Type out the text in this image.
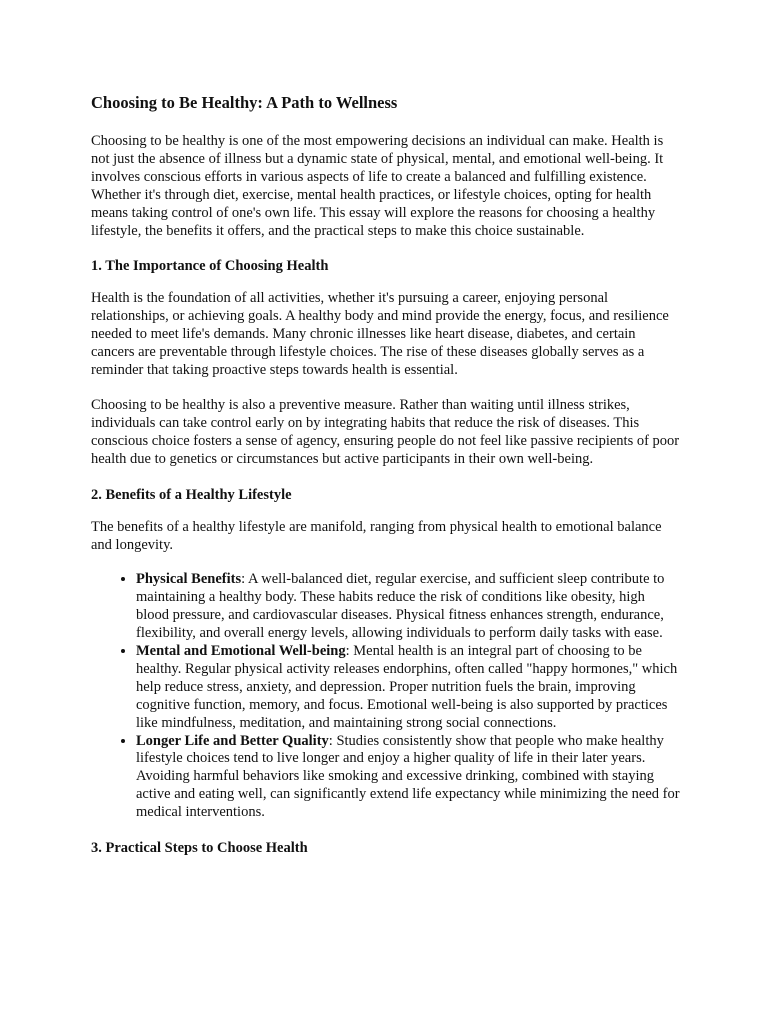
Choosing to Be Healthy: A Path to Wellness

Choosing to be healthy is one of the most empowering decisions an individual can make. Health is not just the absence of illness but a dynamic state of physical, mental, and emotional well-being. It involves conscious efforts in various aspects of life to create a balanced and fulfilling existence. Whether it's through diet, exercise, mental health practices, or lifestyle choices, opting for health means taking control of one's own life. This essay will explore the reasons for choosing a healthy lifestyle, the benefits it offers, and the practical steps to make this choice sustainable.

1. The Importance of Choosing Health

Health is the foundation of all activities, whether it's pursuing a career, enjoying personal relationships, or achieving goals. A healthy body and mind provide the energy, focus, and resilience needed to meet life's demands. Many chronic illnesses like heart disease, diabetes, and certain cancers are preventable through lifestyle choices. The rise of these diseases globally serves as a reminder that taking proactive steps towards health is essential.

Choosing to be healthy is also a preventive measure. Rather than waiting until illness strikes, individuals can take control early on by integrating habits that reduce the risk of diseases. This conscious choice fosters a sense of agency, ensuring people do not feel like passive recipients of poor health due to genetics or circumstances but active participants in their own well-being.

2. Benefits of a Healthy Lifestyle

The benefits of a healthy lifestyle are manifold, ranging from physical health to emotional balance and longevity.

• Physical Benefits: A well-balanced diet, regular exercise, and sufficient sleep contribute to maintaining a healthy body. These habits reduce the risk of conditions like obesity, high blood pressure, and cardiovascular diseases. Physical fitness enhances strength, endurance, flexibility, and overall energy levels, allowing individuals to perform daily tasks with ease.
• Mental and Emotional Well-being: Mental health is an integral part of choosing to be healthy. Regular physical activity releases endorphins, often called "happy hormones," which help reduce stress, anxiety, and depression. Proper nutrition fuels the brain, improving cognitive function, memory, and focus. Emotional well-being is also supported by practices like mindfulness, meditation, and maintaining strong social connections.
• Longer Life and Better Quality: Studies consistently show that people who make healthy lifestyle choices tend to live longer and enjoy a higher quality of life in their later years. Avoiding harmful behaviors like smoking and excessive drinking, combined with staying active and eating well, can significantly extend life expectancy while minimizing the need for medical interventions.
3. Practical Steps to Choose Health
